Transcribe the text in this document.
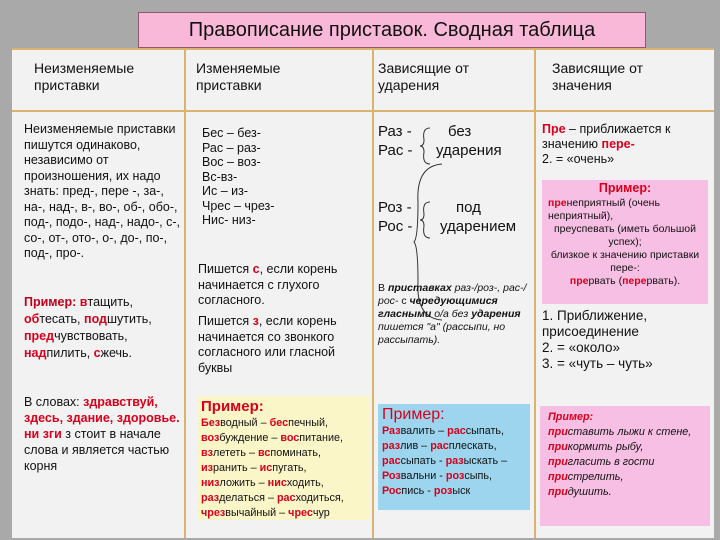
Правописание приставок. Сводная таблица
Неизменяемые приставки
Изменяемые приставки
Зависящие от ударения
Зависящие от значения
Неизменяемые приставки пишутся одинаково, независимо от произношения, их надо знать: пред-, пере -, за-, на-, над-, в-, во-, об-, обо-, под-, подо-, над-, надо-, с-, со-, от-, ото-, о-, до-, по-, под-, про-.
Пример: втащить, обтесать, подшутить, предчувствовать, надпилить, сжечь.
В словах: здравствуй, здесь, здание, здоровье. ни зги з стоит в начале слова и является частью корня
Бес – без-
Рас – раз-
Вос – воз-
Вс-вз-
Ис – из-
Чрес – чрез-
Нис- низ-
Пишется с, если корень начинается с глухого согласного.
Пишется з, если корень начинается со звонкого согласного или гласной буквы
Пример:
Безводный – беспечный,
возбуждение – воспитание,
взлететь – вспоминать,
изранить – испугать,
низложить – нисходить,
разделаться – расходиться,
чрезвычайный – чресчур
Раз -
Рас -
без
ударения
Роз -
Рос -
под
ударением
В приставках раз-/роз-, рас-/рос- с чередующимися гласными о/а без ударения пишется "а" (рассыпи, но рассыпать).
Пример:
Развалить – рассыпать,
разлив – расплескать,
рассыпать - разыскать –
Розвальни - розсыпь,
Роспись - розыск
Пре – приближается к значению пере-
2. = «очень»
Пример:
пренеприятный (очень неприятный),
преуспевать (иметь большой успех);
близкое к значению приставки пере-:
прервать (перервать).
1. Приближение, присоединение
2. = «около»
3. = «чуть – чуть»
Пример:
приставить лыжи к стене,
прикормить рыбу,
пригласить в гости
пристрелить,
придушить.
